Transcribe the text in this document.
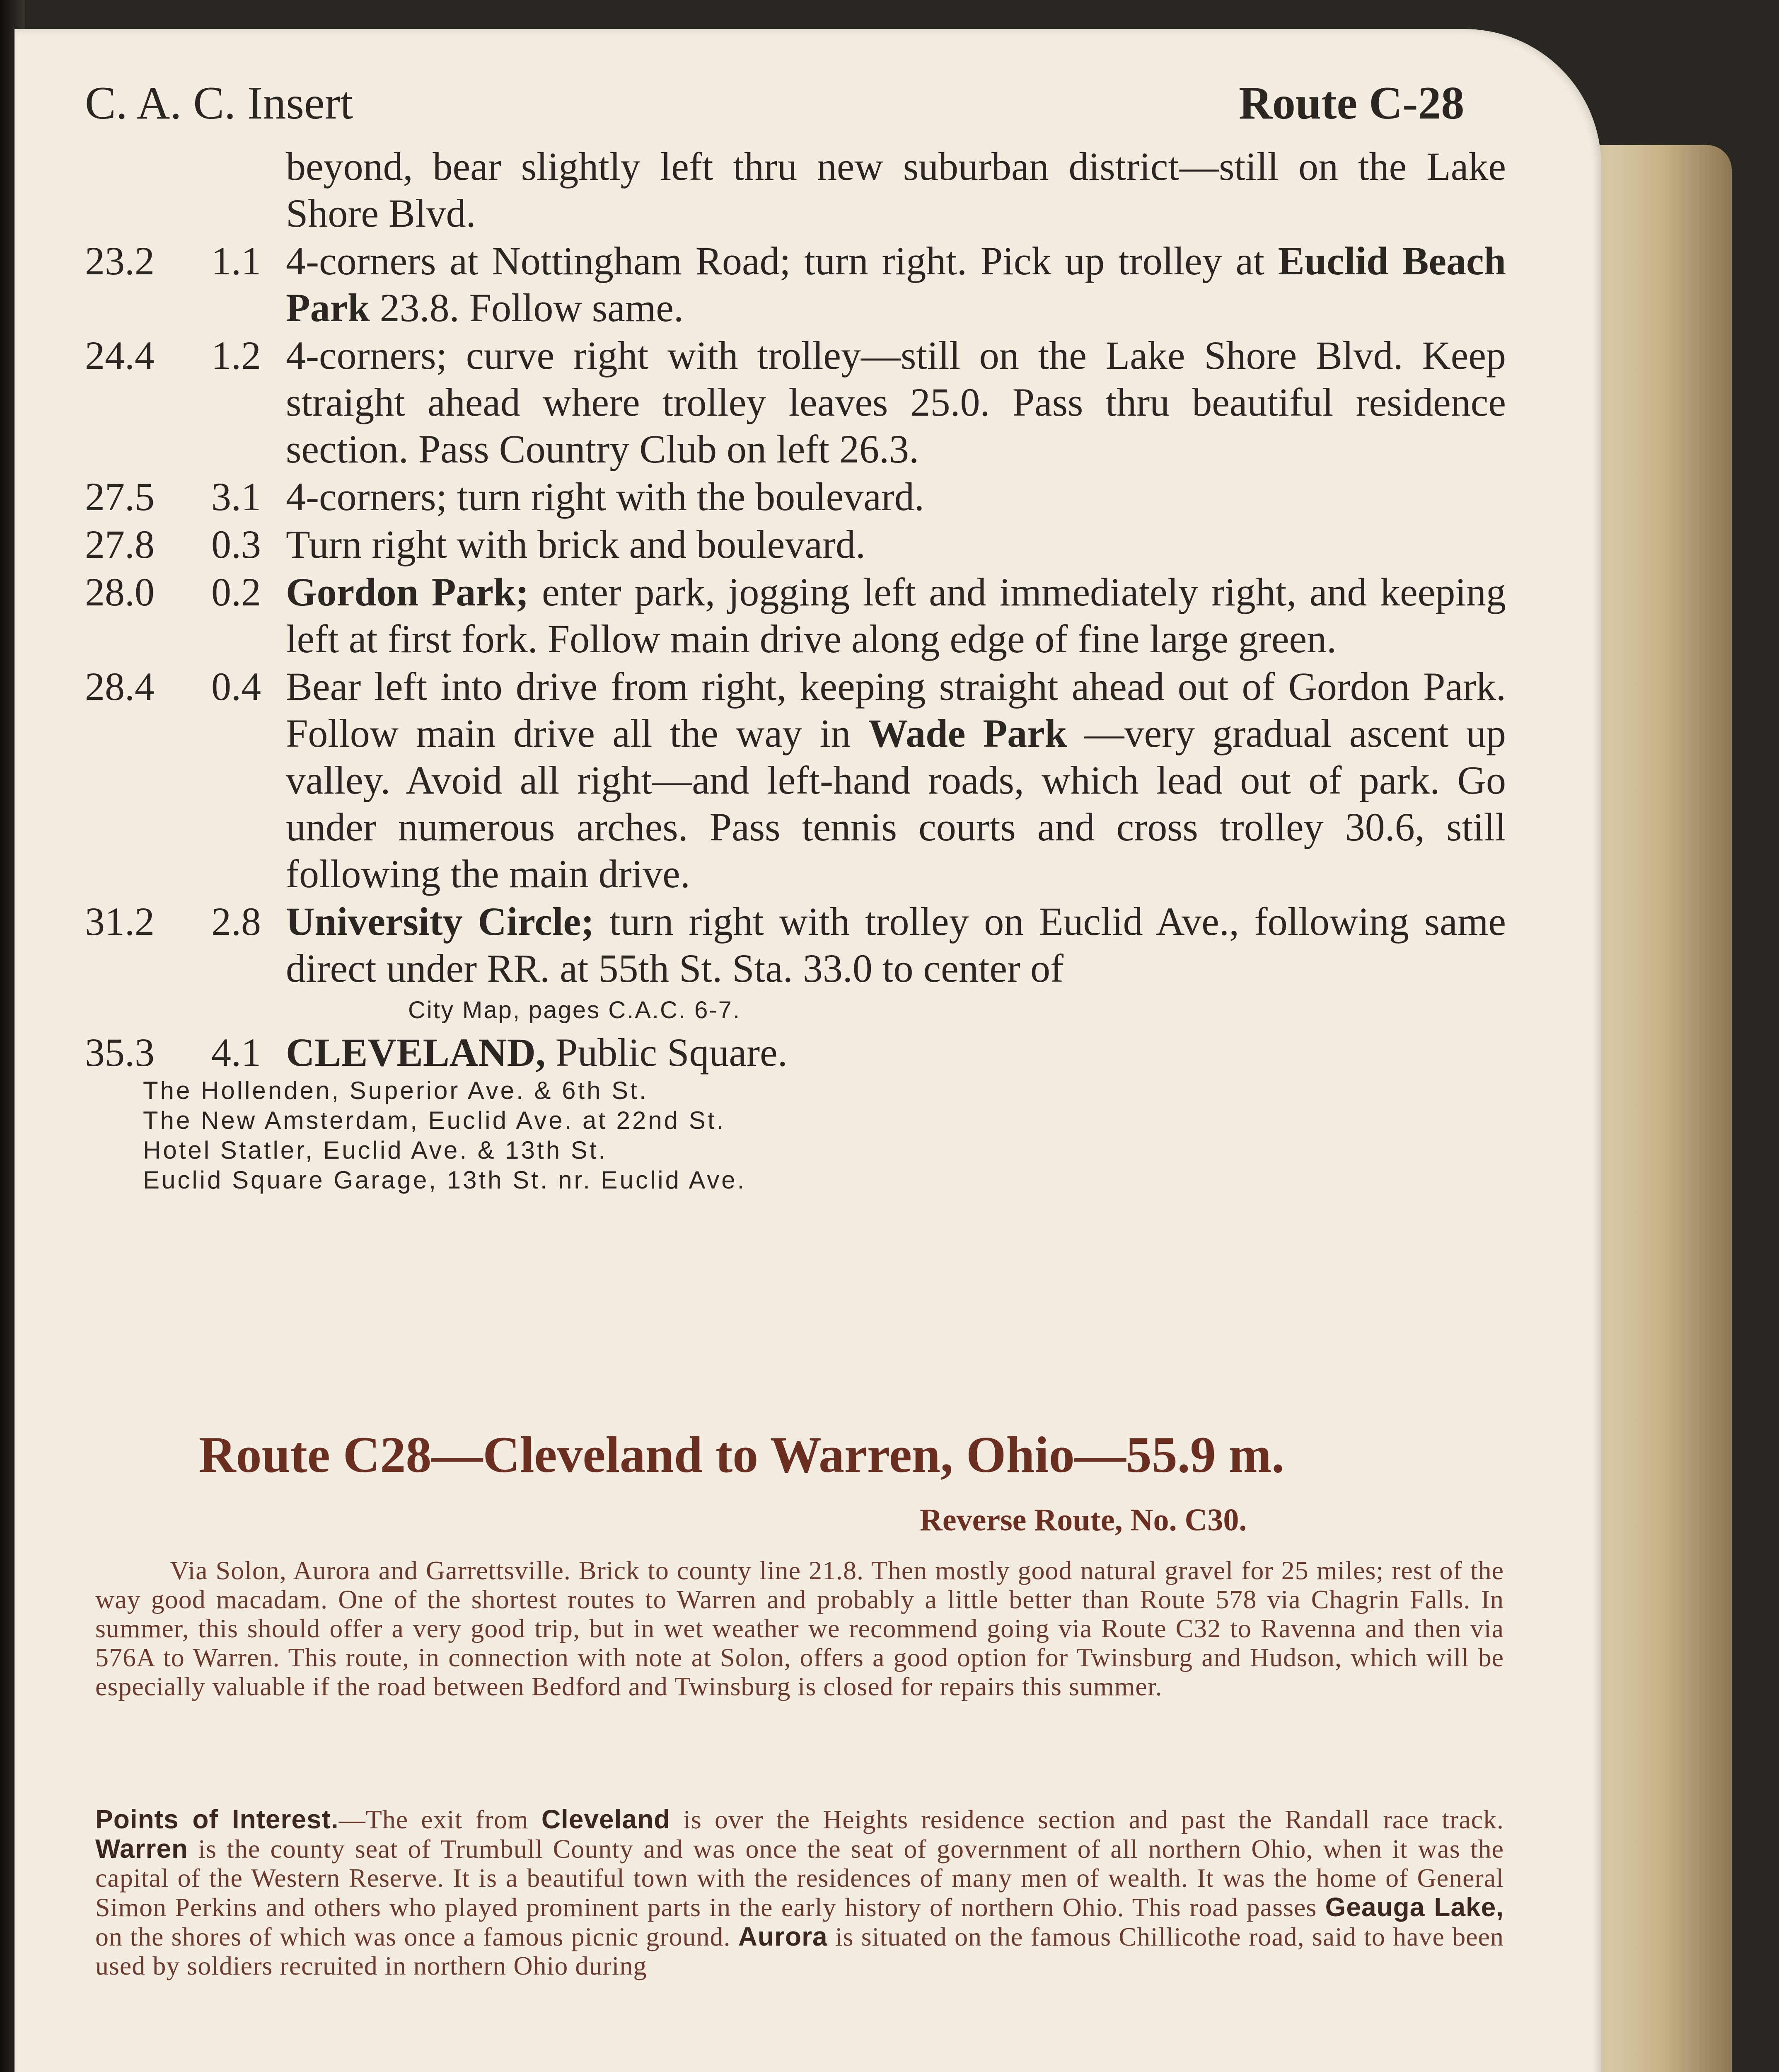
C. A. C. Insert	Route C-28
beyond, bear slightly left thru new suburban district—still on the Lake Shore Blvd.
23.2	1.1 4-corners at Nottingham Road; turn right. Pick up trolley at Euclid Beach Park 23.8. Follow same.
24.4	1.2 4-corners; curve right with trolley—still on the Lake Shore Blvd. Keep straight ahead where trolley leaves 25.0. Pass thru beautiful residence section. Pass Country Club on left 26.3.
27.5	3.1 4-corners; turn right with the boulevard.
27.8	0.3 Turn right with brick and boulevard.
28.0	0.2 Gordon Park; enter park, jogging left and immediately right, and keeping left at first fork. Follow main drive along edge of fine large green.
28.4	0.4 Bear left into drive from right, keeping straight ahead out of Gordon Park. Follow main drive all the way in Wade Park —very gradual ascent up valley. Avoid all right—and left-hand roads, which lead out of park. Go under numerous arches. Pass tennis courts and cross trolley 30.6, still following the main drive.
31.2	2.8 University Circle; turn right with trolley on Euclid Ave., following same direct under RR. at 55th St. Sta. 33.0 to center of
City Map, pages C.A.C. 6-7.
35.3	4.1 CLEVELAND, Public Square.
The Hollenden, Superior Ave. & 6th St.
The New Amsterdam, Euclid Ave. at 22nd St.
Hotel Statler, Euclid Ave. & 13th St.
Euclid Square Garage, 13th St. nr. Euclid Ave.
Route C28—Cleveland to Warren, Ohio—55.9 m.
Reverse Route, No. C30.
Via Solon, Aurora and Garrettsville. Brick to county line 21.8. Then mostly good natural gravel for 25 miles; rest of the way good macadam. One of the shortest routes to Warren and probably a little better than Route 578 via Chagrin Falls. In summer, this should offer a very good trip, but in wet weather we recommend going via Route C32 to Ravenna and then via 576A to Warren. This route, in connection with note at Solon, offers a good option for Twinsburg and Hudson, which will be especially valuable if the road between Bedford and Twinsburg is closed for repairs this summer.
Points of Interest.—The exit from Cleveland is over the Heights residence section and past the Randall race track. Warren is the county seat of Trumbull County and was once the seat of government of all northern Ohio, when it was the capital of the Western Reserve. It is a beautiful town with the residences of many men of wealth. It was the home of General Simon Perkins and others who played prominent parts in the early history of northern Ohio. This road passes Geauga Lake, on the shores of which was once a famous picnic ground. Aurora is situated on the famous Chillicothe road, said to have been used by soldiers recruited in northern Ohio during
